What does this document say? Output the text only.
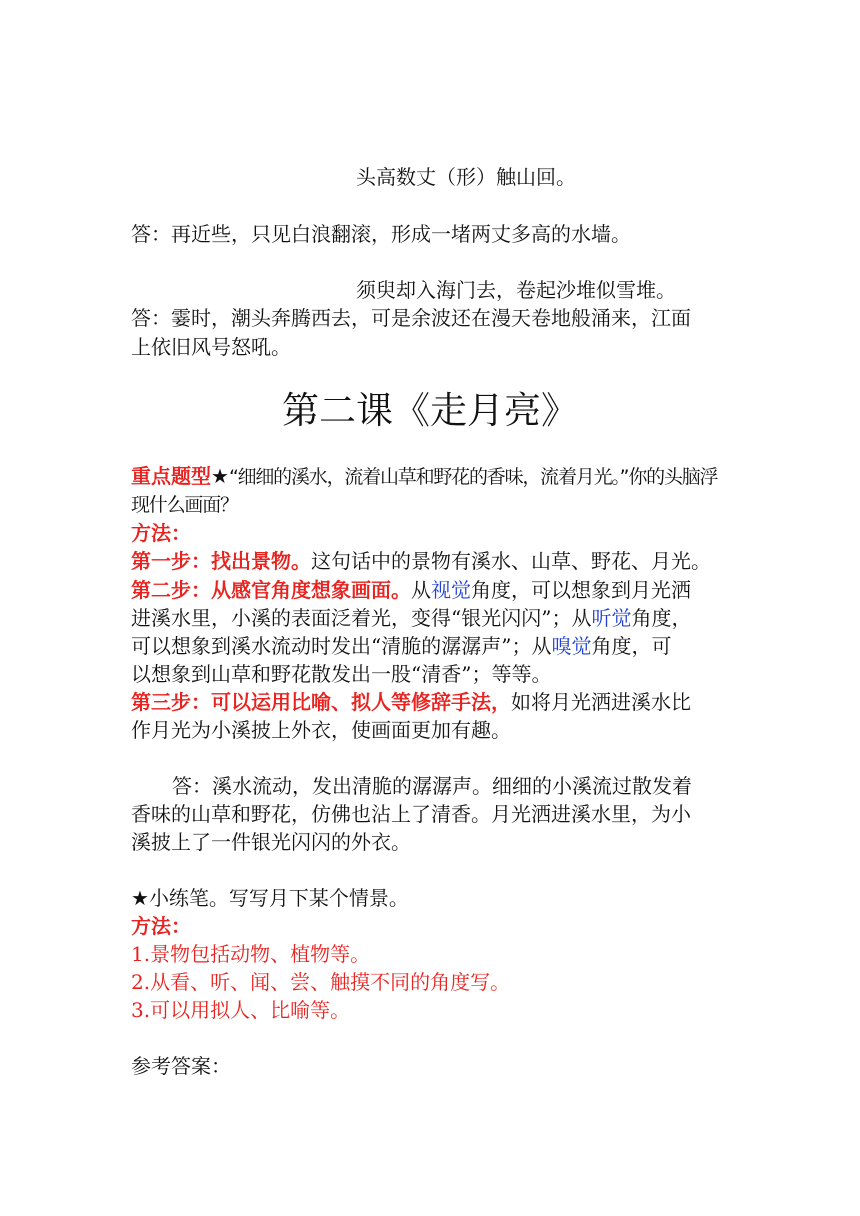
头高数丈（形）触山回。
答：再近些，只见白浪翻滚，形成一堵两丈多高的水墙。
须臾却入海门去，卷起沙堆似雪堆。
答：霎时，潮头奔腾西去，可是余波还在漫天卷地般涌来，江面
上依旧风号怒吼。
第二课《走月亮》
重点题型★“细细的溪水，流着山草和野花的香味，流着月光。”你的头脑浮
现什么画面？
方法：
第一步：找出景物。这句话中的景物有溪水、山草、野花、月光。
第二步：从感官角度想象画面。从视觉角度，可以想象到月光洒
进溪水里，小溪的表面泛着光，变得“银光闪闪”；从听觉角度，
可以想象到溪水流动时发出“清脆的潺潺声”；从嗅觉角度，可
以想象到山草和野花散发出一股“清香”；等等。
第三步：可以运用比喻、拟人等修辞手法，如将月光洒进溪水比
作月光为小溪披上外衣，使画面更加有趣。
答：溪水流动，发出清脆的潺潺声。细细的小溪流过散发着
香味的山草和野花，仿佛也沾上了清香。月光洒进溪水里，为小
溪披上了一件银光闪闪的外衣。
★小练笔。写写月下某个情景。
方法：
1.景物包括动物、植物等。
2.从看、听、闻、尝、触摸不同的角度写。
3.可以用拟人、比喻等。
参考答案：
